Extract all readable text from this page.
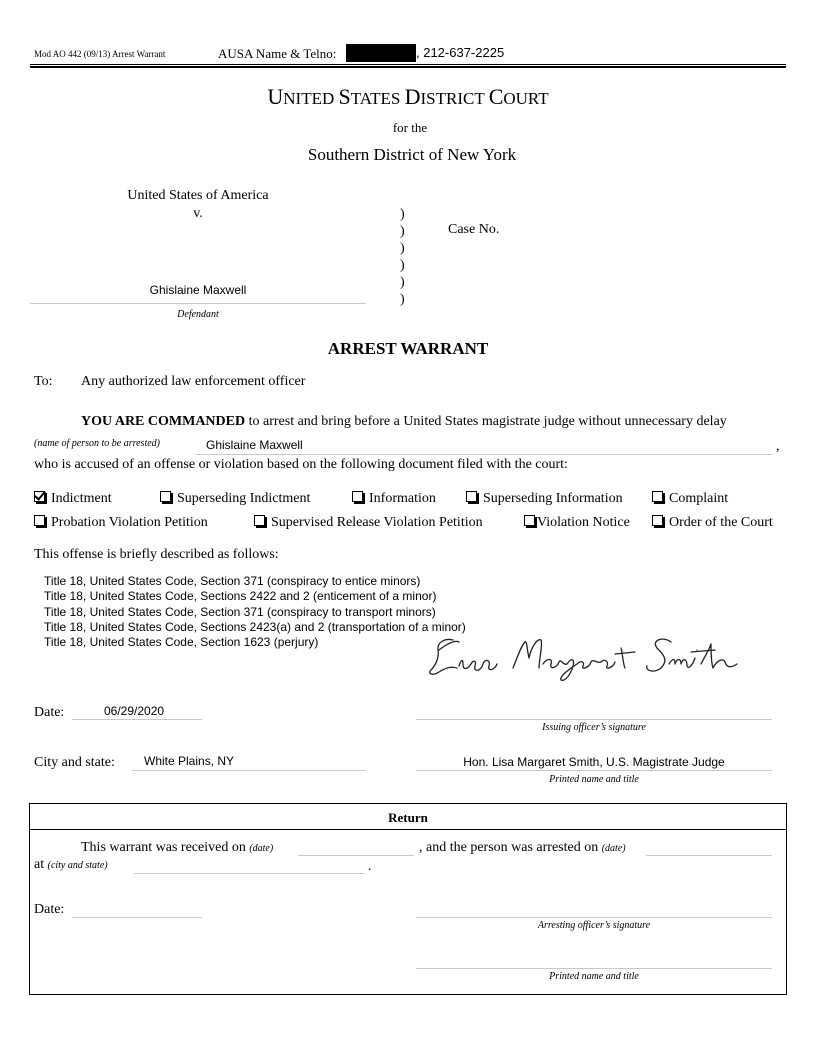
Mod AO 442 (09/13) Arrest Warrant	AUSA Name & Telno:	, 212-637-2225
UNITED STATES DISTRICT COURT
for the
Southern District of New York
United States of America
v.	)
)
)
)
)
)
Case No.
Ghislaine Maxwell
Defendant
ARREST WARRANT
To: Any authorized law enforcement officer
YOU ARE COMMANDED to arrest and bring before a United States magistrate judge without unnecessary delay
(name of person to be arrested)	Ghislaine Maxwell	,
who is accused of an offense or violation based on the following document filed with the court:
Indictment	Superseding Indictment	Information	Superseding Information	Complaint
Probation Violation Petition	Supervised Release Violation Petition	Violation Notice	Order of the Court
This offense is briefly described as follows:
Title 18, United States Code, Section 371 (conspiracy to entice minors)
Title 18, United States Code, Sections 2422 and 2 (enticement of a minor)
Title 18, United States Code, Section 371 (conspiracy to transport minors)
Title 18, United States Code, Sections 2423(a) and 2 (transportation of a minor)
Title 18, United States Code, Section 1623 (perjury)
Date:	06/29/2020
Issuing officer’s signature
City and state: White Plains, NY	Hon. Lisa Margaret Smith, U.S. Magistrate Judge
Printed name and title
Return
This warrant was received on (date)	, and the person was arrested on (date)
at (city and state)	.
Date:
Arresting officer’s signature
Printed name and title
